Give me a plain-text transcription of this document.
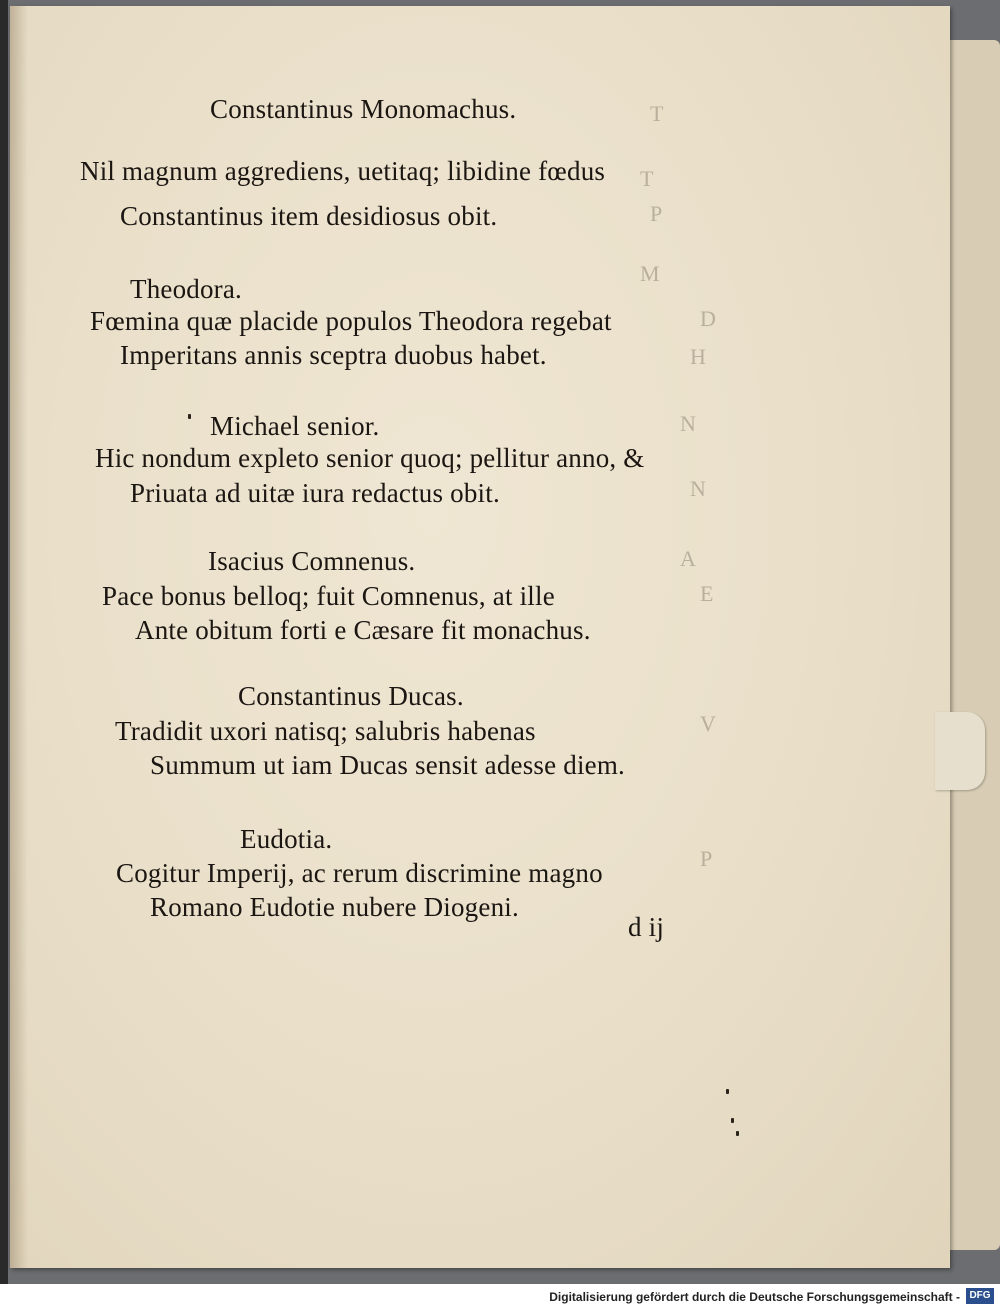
T
T
P
M
D
H
N
N
A
E
V
P
Constantinus Monomachus.
Nil magnum aggrediens, uetitaq; libidine fœdus
Constantinus item desidiosus obit.
Theodora.
Fœmina quæ placide populos Theodora regebat
Imperitans annis sceptra duobus habet.
Michael senior.
Hic nondum expleto senior quoq; pellitur anno, &
Priuata ad uitæ iura redactus obit.
Isacius Comnenus.
Pace bonus belloq; fuit Comnenus, at ille
Ante obitum forti e Cæsare fit monachus.
Constantinus Ducas.
Tradidit uxori natisq; salubris habenas
Summum ut iam Ducas sensit adesse diem.
Eudotia.
Cogitur Imperij, ac rerum discrimine magno
Romano Eudotie nubere Diogeni.
d ij
Digitalisierung gefördert durch die Deutsche Forschungsgemeinschaft - DFG
